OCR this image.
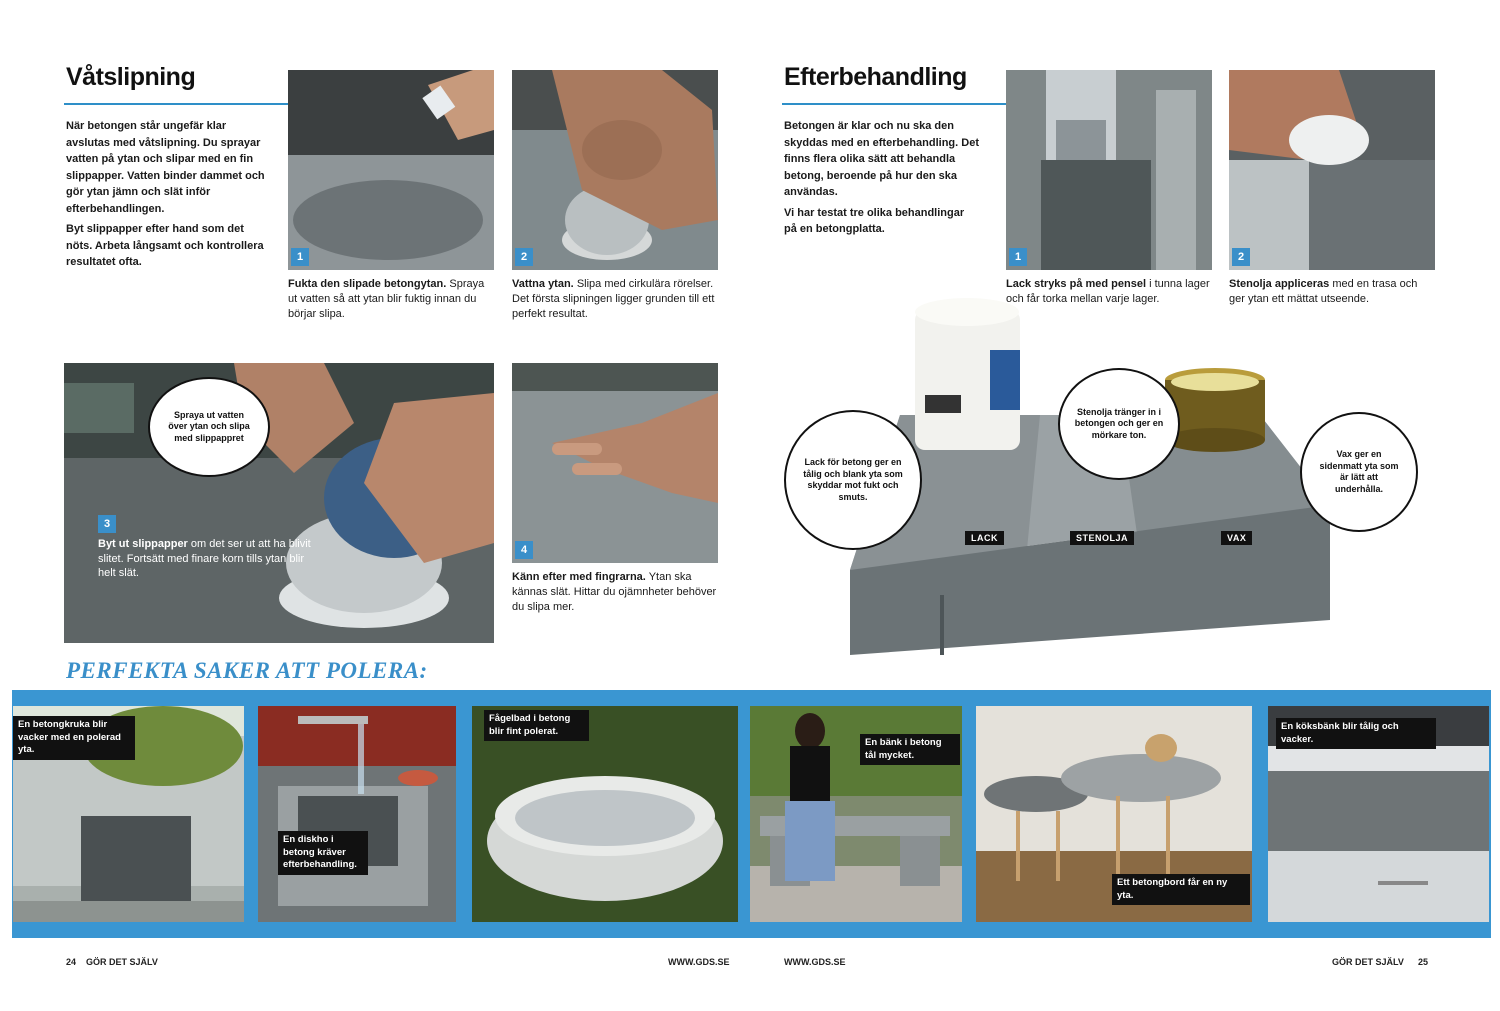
Våtslipning
När betongen står ungefär klar avslutas med våtslipning. Du sprayar vatten på ytan och slipar med en fin slippapper. Vatten binder dammet och gör ytan jämn och slät inför efterbehandlingen.
Byt slippapper efter hand som det nöts. Arbeta långsamt och kontrollera resultatet ofta.	1	2
Fukta den slipade betongytan. Spraya ut vatten så att ytan blir fuktig innan du börjar slipa.
Vattna ytan. Slipa med cirkulära rörelser. Det första slipningen ligger grunden till ett perfekt resultat.
Spraya ut vatten över ytan och slipa med slippappret
3
Byt ut slippapper om det ser ut att ha blivit slitet. Fortsätt med finare korn tills ytan blir helt slät.
4
Känn efter med fingrarna. Ytan ska kännas slät. Hittar du ojämnheter behöver du slipa mer.
Efterbehandling
Betongen är klar och nu ska den skyddas med en efterbehandling. Det finns flera olika sätt att behandla betong, beroende på hur den ska användas.
Vi har testat tre olika behandlingar på en betongplatta.
1	2
Lack stryks på med pensel i tunna lager och får torka mellan varje lager.
Stenolja appliceras med en trasa och ger ytan ett mättat utseende.
LACK	STENOLJA	VAX
Lack för betong ger en tålig och blank yta som skyddar mot fukt och smuts.
Stenolja tränger in i betongen och ger en mörkare ton.
Vax ger en sidenmatt yta som är lätt att underhålla.
PERFEKTA SAKER ATT POLERA:
En betongkruka blir vacker med en polerad yta.
En diskho i betong kräver efterbehandling.
Fågelbad i betong blir fint polerat.
En bänk i betong tål mycket.
Ett betongbord får en ny yta.
En köksbänk blir tålig och vacker.
24 GÖR DET SJÄLV	WWW.GDS.SE	WWW.GDS.SE	GÖR DET SJÄLV 25
